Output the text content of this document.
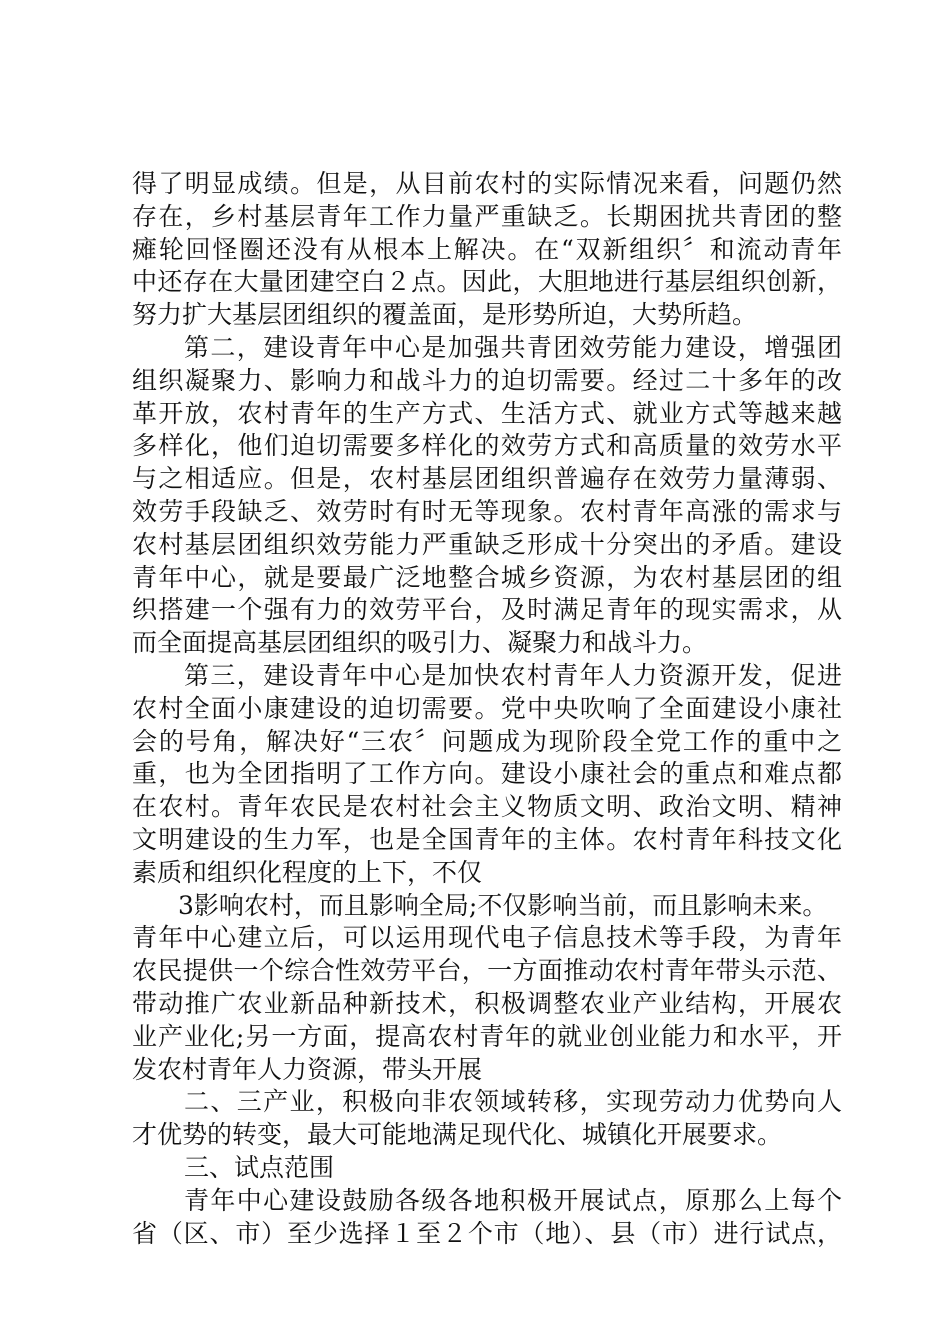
得了明显成绩。但是，从目前农村的实际情况来看，问题仍然
存在，乡村基层青年工作力量严重缺乏。长期困扰共青团的整
瘫轮回怪圈还没有从根本上解决。在“双新组织〞和流动青年
中还存在大量团建空白２点。因此，大胆地进行基层组织创新，
努力扩大基层团组织的覆盖面，是形势所迫，大势所趋。
第二，建设青年中心是加强共青团效劳能力建设，增强团
组织凝聚力、影响力和战斗力的迫切需要。经过二十多年的改
革开放，农村青年的生产方式、生活方式、就业方式等越来越
多样化，他们迫切需要多样化的效劳方式和高质量的效劳水平
与之相适应。但是，农村基层团组织普遍存在效劳力量薄弱、
效劳手段缺乏、效劳时有时无等现象。农村青年高涨的需求与
农村基层团组织效劳能力严重缺乏形成十分突出的矛盾。建设
青年中心，就是要最广泛地整合城乡资源，为农村基层团的组
织搭建一个强有力的效劳平台，及时满足青年的现实需求，从
而全面提高基层团组织的吸引力、凝聚力和战斗力。
第三，建设青年中心是加快农村青年人力资源开发，促进
农村全面小康建设的迫切需要。党中央吹响了全面建设小康社
会的号角，解决好“三农〞问题成为现阶段全党工作的重中之
重，也为全团指明了工作方向。建设小康社会的重点和难点都
在农村。青年农民是农村社会主义物质文明、政治文明、精神
文明建设的生力军，也是全国青年的主体。农村青年科技文化
素质和组织化程度的上下，不仅
3影响农村，而且影响全局;不仅影响当前，而且影响未来。
青年中心建立后，可以运用现代电子信息技术等手段，为青年
农民提供一个综合性效劳平台，一方面推动农村青年带头示范、
带动推广农业新品种新技术，积极调整农业产业结构，开展农
业产业化;另一方面，提高农村青年的就业创业能力和水平，开
发农村青年人力资源，带头开展
二、三产业，积极向非农领域转移，实现劳动力优势向人
才优势的转变，最大可能地满足现代化、城镇化开展要求。
三、试点范围
青年中心建设鼓励各级各地积极开展试点，原那么上每个
省（区、市）至少选择１至２个市（地）、县（市）进行试点，
